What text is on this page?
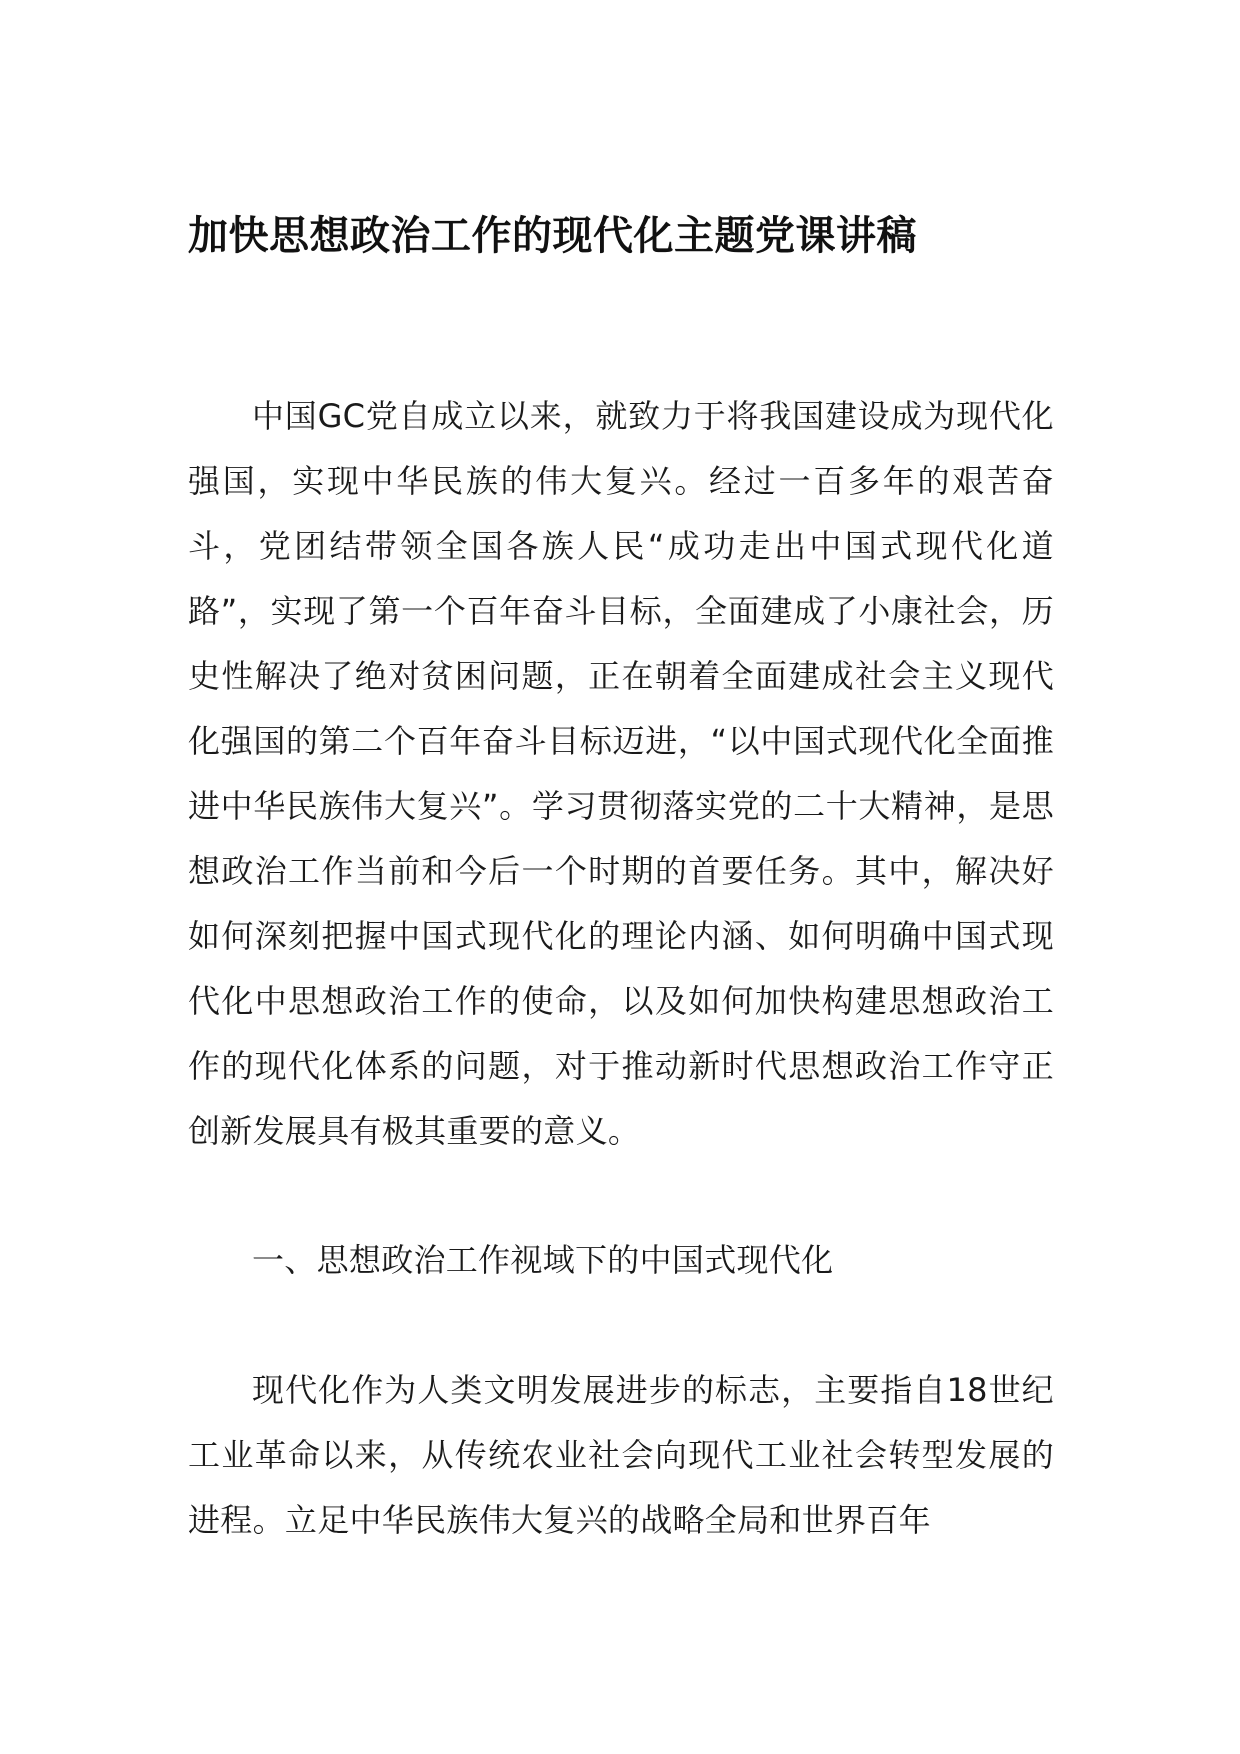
加快思想政治工作的现代化主题党课讲稿

中国GC党自成立以来，就致力于将我国建设成为现代化强国，实现中华民族的伟大复兴。经过一百多年的艰苦奋斗，党团结带领全国各族人民“成功走出中国式现代化道路”，实现了第一个百年奋斗目标，全面建成了小康社会，历史性解决了绝对贫困问题，正在朝着全面建成社会主义现代化强国的第二个百年奋斗目标迈进，“以中国式现代化全面推进中华民族伟大复兴”。学习贯彻落实党的二十大精神，是思想政治工作当前和今后一个时期的首要任务。其中，解决好如何深刻把握中国式现代化的理论内涵、如何明确中国式现代化中思想政治工作的使命，以及如何加快构建思想政治工作的现代化体系的问题，对于推动新时代思想政治工作守正创新发展具有极其重要的意义。

一、思想政治工作视域下的中国式现代化

现代化作为人类文明发展进步的标志，主要指自18世纪工业革命以来，从传统农业社会向现代工业社会转型发展的进程。立足中华民族伟大复兴的战略全局和世界百年
